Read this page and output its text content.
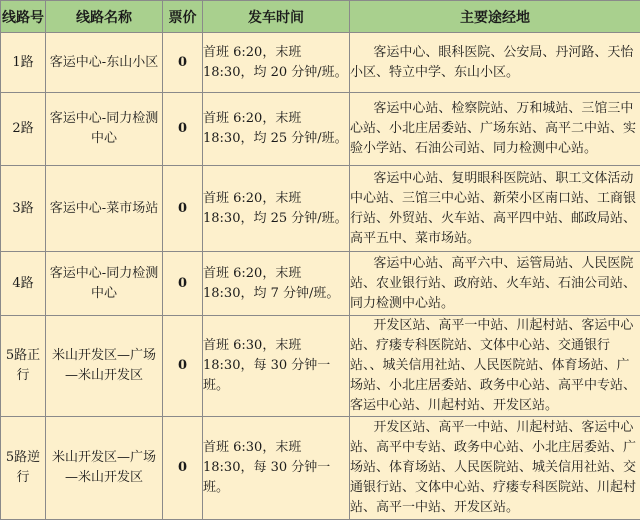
线路号	线路名称	票价	发车时间	主要途经地
1路	客运中心-东山小区	0	首班 6:20，末班 18:30，均 20 分钟/班。	客运中心、眼科医院、公安局、丹河路、天怡小区、特立中学、东山小区。
2路	客运中心-同力检测中心	0	首班 6:20，末班 18:30，均 25 分钟/班。	客运中心站、检察院站、万和城站、三馆三中心站、小北庄居委站、广场东站、高平二中站、实验小学站、石油公司站、同力检测中心站。
3路	客运中心-菜市场站	0	首班 6:20，末班 18:30，均 25 分钟/班。	客运中心站、复明眼科医院站、职工文体活动中心站、三馆三中心站、新荣小区南口站、工商银行站、外贸站、火车站、高平四中站、邮政局站、高平五中、菜市场站。
4路	客运中心-同力检测中心	0	首班 6:20，末班 18:30，均 7 分钟/班。	客运中心站、高平六中、运管局站、人民医院站、农业银行站、政府站、火车站、石油公司站、同力检测中心站。
5路正行	米山开发区—广场—米山开发区	0	首班 6:30，末班 18:30，每 30 分钟一班。	开发区站、高平一中站、川起村站、客运中心站、疗瘘专科医院站、文体中心站、交通银行站、、城关信用社站、人民医院站、体育场站、广场站、小北庄居委站、政务中心站、高平中专站、客运中心站、川起村站、开发区站。
5路逆行	米山开发区—广场—米山开发区	0	首班 6:30，末班 18:30，每 30 分钟一班。	开发区站、高平一中站、川起村站、客运中心站、高平中专站、政务中心站、小北庄居委站、广场站、体育场站、人民医院站、城关信用社站、交通银行站、文体中心站、疗瘘专科医院站、川起村站、高平一中站、开发区站。
